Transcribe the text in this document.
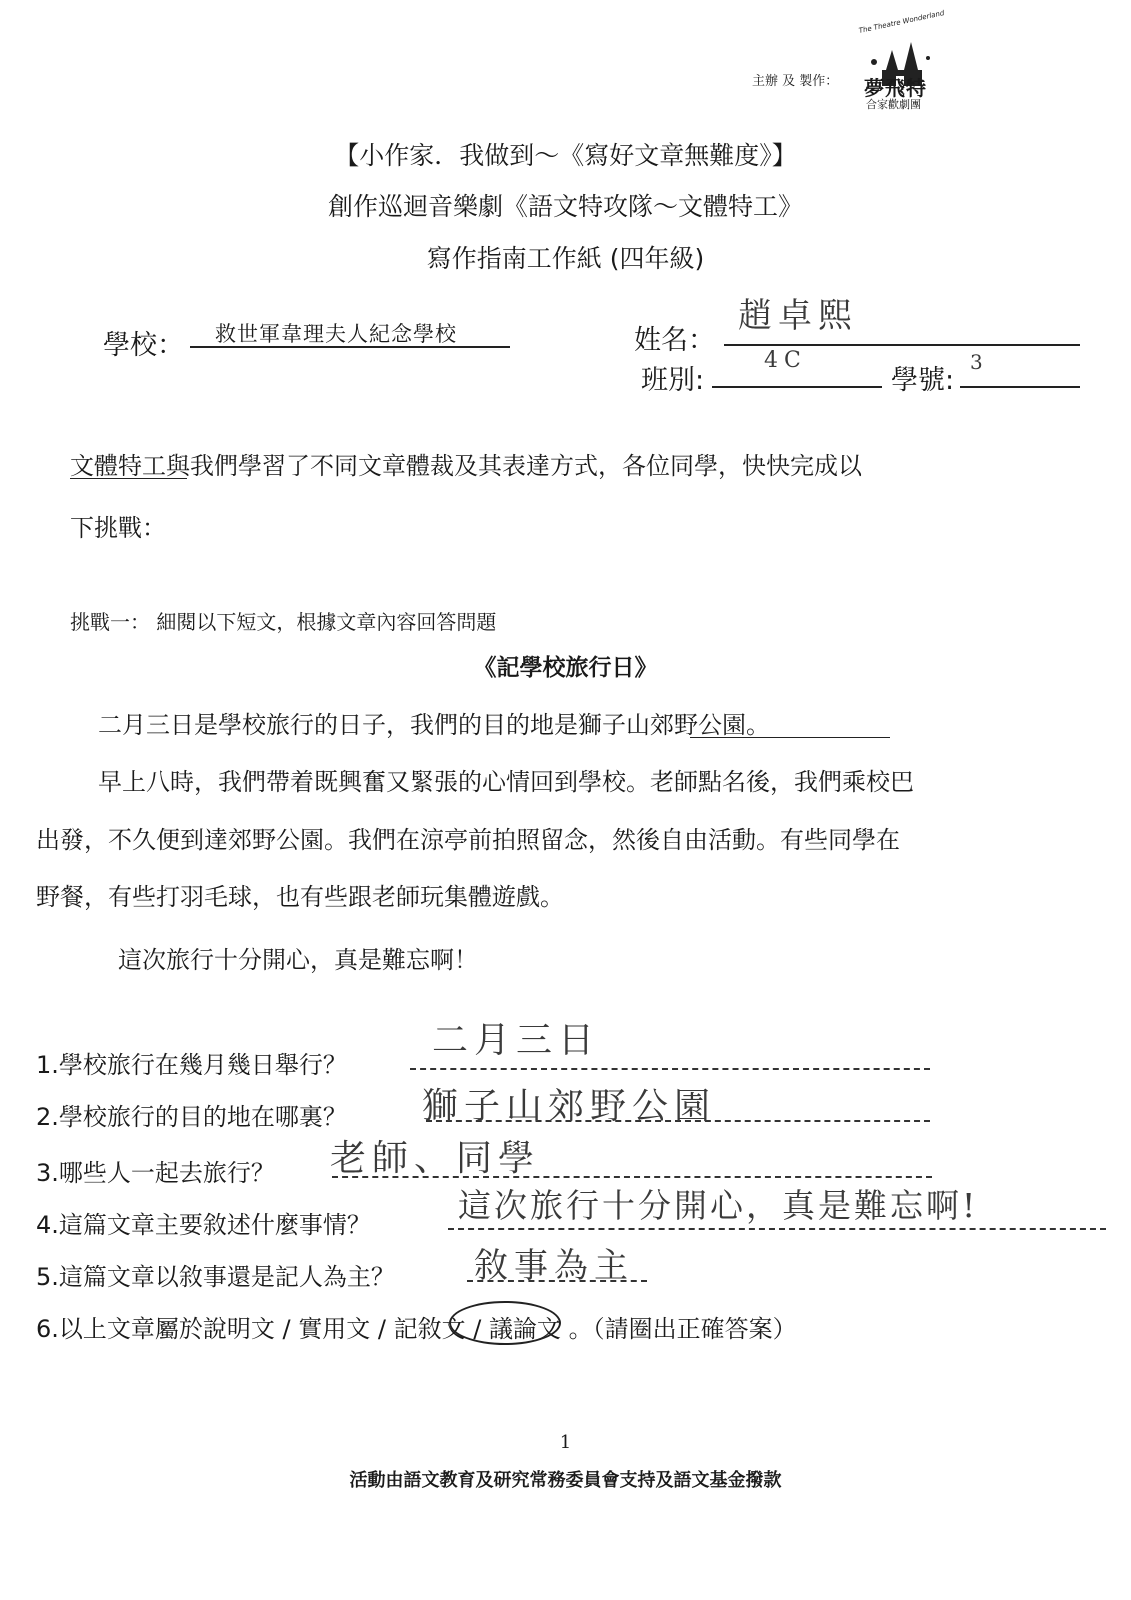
主辦 及 製作：
The Theatre Wonderland
夢飛特
合家歡劇團
【小作家．我做到～《寫好文章無難度》】
創作巡迴音樂劇《語文特攻隊～文體特工》
寫作指南工作紙 (四年級)
學校： 救世軍韋理夫人紀念學校	姓名：
趙卓熙
班別:
4C
學號:
3
文體特工與我們學習了不同文章體裁及其表達方式，各位同學，快快完成以
下挑戰：
挑戰一： 細閱以下短文，根據文章內容回答問題
《記學校旅行日》
二月三日是學校旅行的日子，我們的目的地是獅子山郊野公園。
早上八時，我們帶着既興奮又緊張的心情回到學校。老師點名後，我們乘校巴
出發，不久便到達郊野公園。我們在涼亭前拍照留念，然後自由活動。有些同學在
野餐，有些打羽毛球，也有些跟老師玩集體遊戲。
這次旅行十分開心，真是難忘啊！
1.學校旅行在幾月幾日舉行？
2.學校旅行的目的地在哪裏？
3.哪些人一起去旅行？
4.這篇文章主要敘述什麼事情？
5.這篇文章以敘事還是記人為主？
二月三日
獅子山郊野公園
老師、同學
這次旅行十分開心，真是難忘啊!
敘事為主
6.以上文章屬於說明文 / 實用文 / 記敘文 / 議論文 。（請圈出正確答案）
1
活動由語文教育及研究常務委員會支持及語文基金撥款
